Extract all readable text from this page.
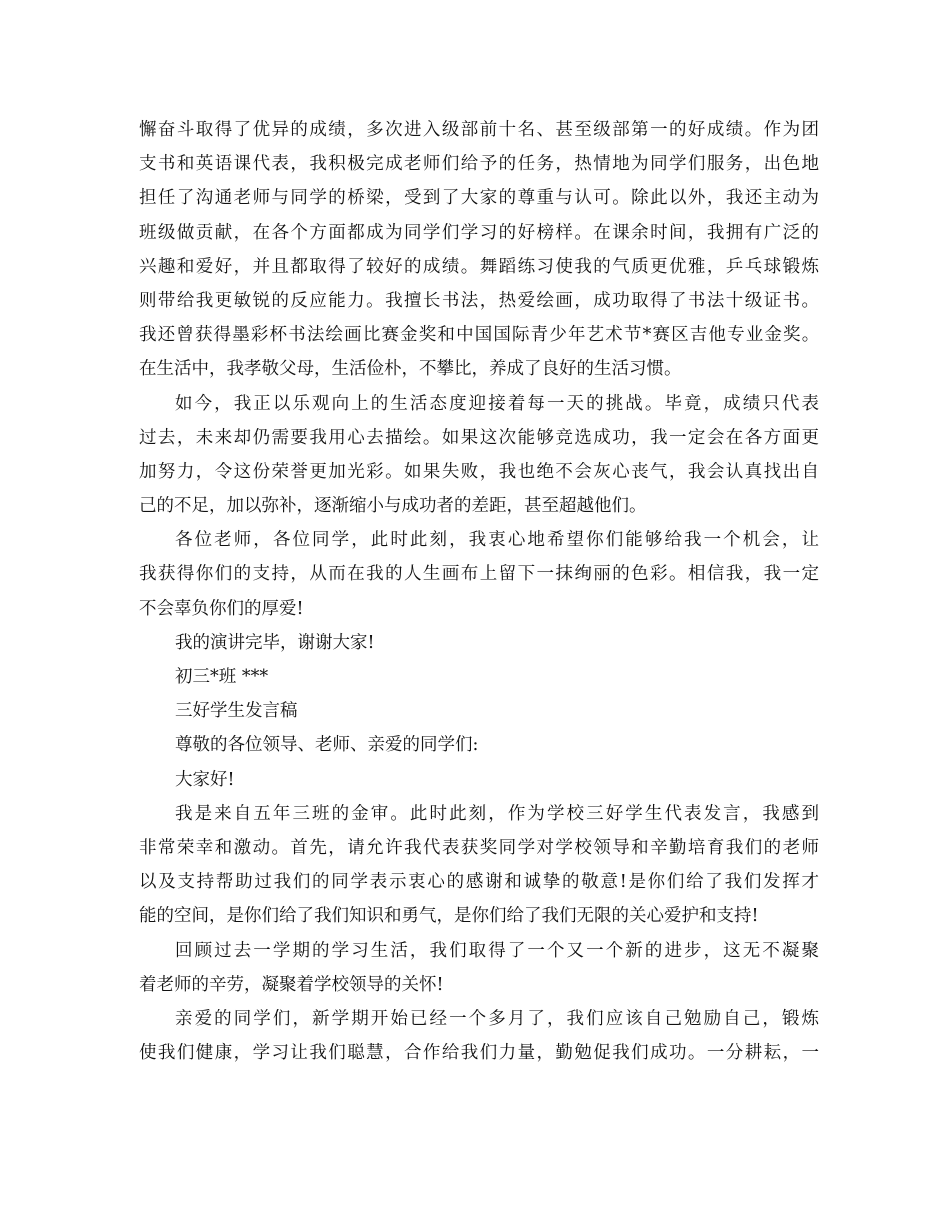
懈奋斗取得了优异的成绩，多次进入级部前十名、甚至级部第一的好成绩。作为团
支书和英语课代表，我积极完成老师们给予的任务，热情地为同学们服务，出色地
担任了沟通老师与同学的桥梁，受到了大家的尊重与认可。除此以外，我还主动为
班级做贡献，在各个方面都成为同学们学习的好榜样。在课余时间，我拥有广泛的
兴趣和爱好，并且都取得了较好的成绩。舞蹈练习使我的气质更优雅，乒乓球锻炼
则带给我更敏锐的反应能力。我擅长书法，热爱绘画，成功取得了书法十级证书。
我还曾获得墨彩杯书法绘画比赛金奖和中国国际青少年艺术节*赛区吉他专业金奖。
在生活中，我孝敬父母，生活俭朴，不攀比，养成了良好的生活习惯。
如今，我正以乐观向上的生活态度迎接着每一天的挑战。毕竟，成绩只代表
过去，未来却仍需要我用心去描绘。如果这次能够竞选成功，我一定会在各方面更
加努力，令这份荣誉更加光彩。如果失败，我也绝不会灰心丧气，我会认真找出自
己的不足，加以弥补，逐渐缩小与成功者的差距，甚至超越他们。
各位老师，各位同学，此时此刻，我衷心地希望你们能够给我一个机会，让
我获得你们的支持，从而在我的人生画布上留下一抹绚丽的色彩。相信我，我一定
不会辜负你们的厚爱!
我的演讲完毕，谢谢大家!
初三*班 ***
三好学生发言稿
尊敬的各位领导、老师、亲爱的同学们:
大家好!
我是来自五年三班的金审。此时此刻，作为学校三好学生代表发言，我感到
非常荣幸和激动。首先，请允许我代表获奖同学对学校领导和辛勤培育我们的老师
以及支持帮助过我们的同学表示衷心的感谢和诚挚的敬意!是你们给了我们发挥才
能的空间，是你们给了我们知识和勇气，是你们给了我们无限的关心爱护和支持!
回顾过去一学期的学习生活，我们取得了一个又一个新的进步，这无不凝聚
着老师的辛劳，凝聚着学校领导的关怀!
亲爱的同学们，新学期开始已经一个多月了，我们应该自己勉励自己，锻炼
使我们健康，学习让我们聪慧，合作给我们力量，勤勉促我们成功。一分耕耘，一
